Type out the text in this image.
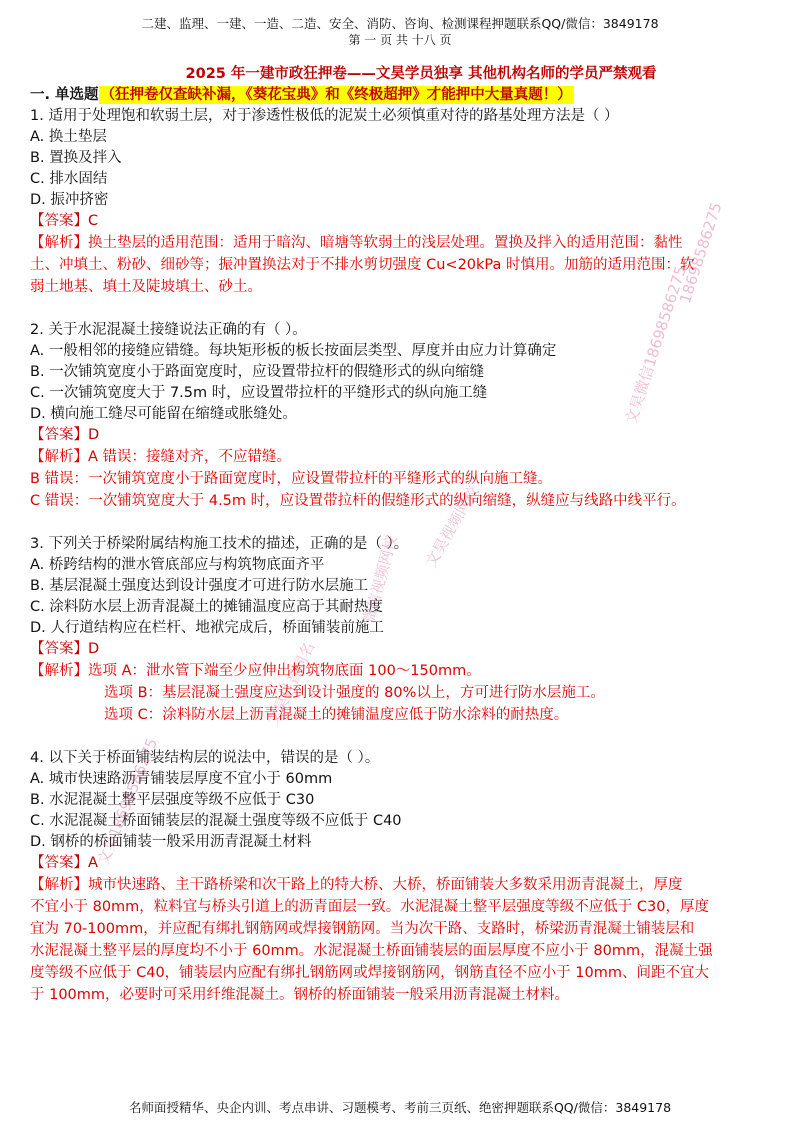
二建、监理、一建、一造、二造、安全、消防、咨询、检测课程押题联系QQ/微信：3849178
第 一 页 共 十八 页
2025 年一建市政狂押卷——文昊学员独享 其他机构名师的学员严禁观看
一. 单选题 （狂押卷仅查缺补漏，《葵花宝典》和《终极超押》才能押中大量真题！）
1. 适用于处理饱和软弱土层，对于渗透性极低的泥炭土必须慎重对待的路基处理方法是（ ）
A. 换土垫层
B. 置换及拌入
C. 排水固结
D. 振冲挤密
【答案】C
【解析】换土垫层的适用范围：适用于暗沟、暗塘等软弱土的浅层处理。置换及拌入的适用范围：黏性
土、冲填土、粉砂、细砂等；振冲置换法对于不排水剪切强度 Cu<20kPa 时慎用。加筋的适用范围：软
弱土地基、填土及陡坡填土、砂土。
2. 关于水泥混凝土接缝说法正确的有（ ）。
A. 一般相邻的接缝应错缝。每块矩形板的板长按面层类型、厚度并由应力计算确定
B. 一次铺筑宽度小于路面宽度时，应设置带拉杆的假缝形式的纵向缩缝
C. 一次铺筑宽度大于 7.5m 时，应设置带拉杆的平缝形式的纵向施工缝
D. 横向施工缝尽可能留在缩缝或胀缝处。
【答案】D
【解析】A 错误：接缝对齐，不应错缝。
B 错误：一次铺筑宽度小于路面宽度时，应设置带拉杆的平缝形式的纵向施工缝。
C 错误：一次铺筑宽度大于 4.5m 时，应设置带拉杆的假缝形式的纵向缩缝，纵缝应与线路中线平行。
3. 下列关于桥梁附属结构施工技术的描述，正确的是（ ）。
A. 桥跨结构的泄水管底部应与构筑物底面齐平
B. 基层混凝土强度达到设计强度才可进行防水层施工
C. 涂料防水层上沥青混凝土的摊铺温度应高于其耐热度
D. 人行道结构应在栏杆、地袱完成后，桥面铺装前施工
【答案】D
【解析】选项 A：泄水管下端至少应伸出构筑物底面 100～150mm。
选项 B：基层混凝土强度应达到设计强度的 80%以上，方可进行防水层施工。
选项 C：涂料防水层上沥青混凝土的摊铺温度应低于防水涂料的耐热度。
4. 以下关于桥面铺装结构层的说法中，错误的是（ ）。
A. 城市快速路沥青铺装层厚度不宜小于 60mm
B. 水泥混凝土整平层强度等级不应低于 C30
C. 水泥混凝土桥面铺装层的混凝土强度等级不应低于 C40
D. 钢桥的桥面铺装一般采用沥青混凝土材料
【答案】A
【解析】城市快速路、主干路桥梁和次干路上的特大桥、大桥，桥面铺装大多数采用沥青混凝土，厚度
不宜小于 80mm，粒料宜与桥头引道上的沥青面层一致。水泥混凝土整平层强度等级不应低于 C30，厚度
宜为 70-100mm，并应配有绑扎钢筋网或焊接钢筋网。当为次干路、支路时，桥梁沥青混凝土铺装层和
水泥混凝土整平层的厚度均不小于 60mm。水泥混凝土桥面铺装层的面层厚度不应小于 80mm，混凝土强
度等级不应低于 C40，铺装层内应配有绑扎钢筋网或焊接钢筋网，钢筋直径不应小于 10mm、间距不宜大
于 100mm，必要时可采用纤维混凝土。钢桥的桥面铺装一般采用沥青混凝土材料。
18698586275
文昊微信18698586275
文昊视频网校
微信视频网校
文昊抖音同名
文昊18698586275
名师面授精华、央企内训、考点串讲、习题模考、考前三页纸、绝密押题联系QQ/微信：3849178
